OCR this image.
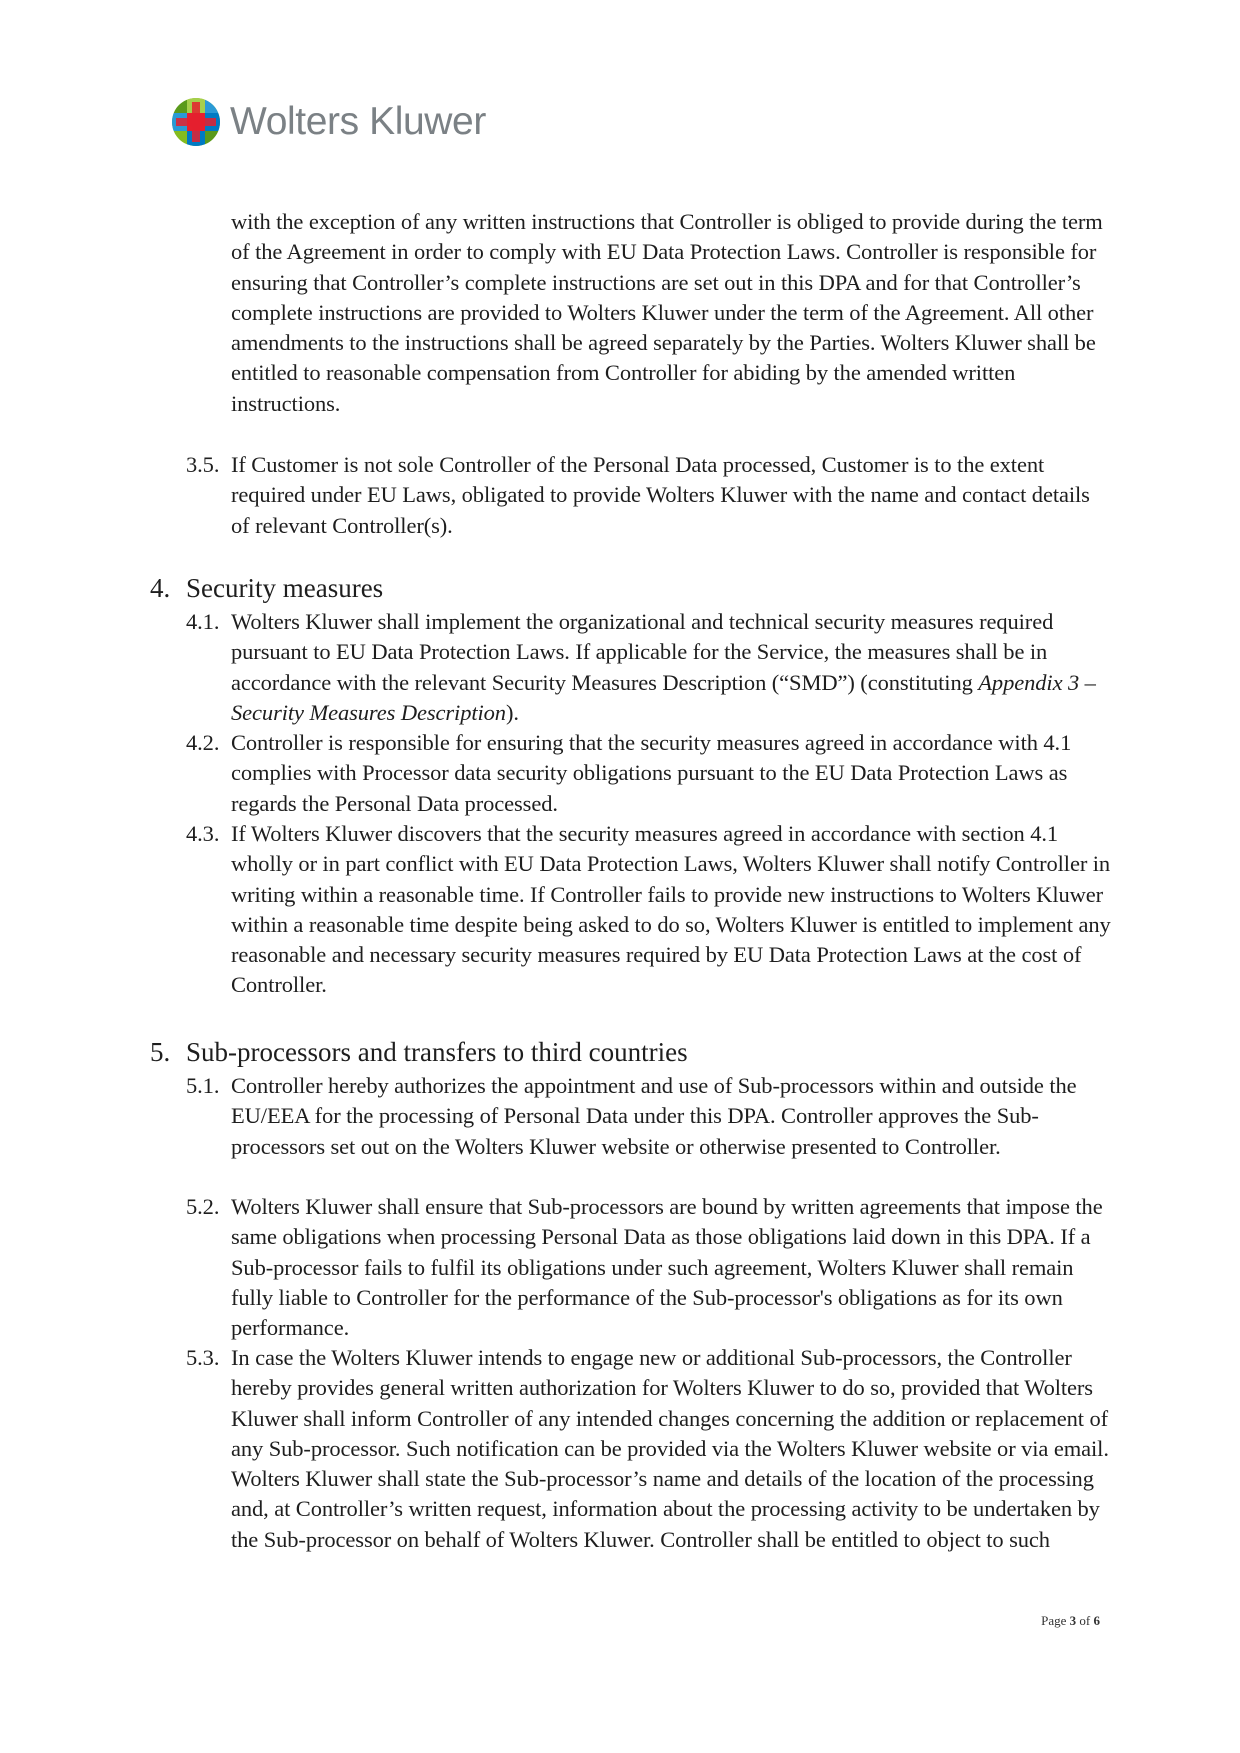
Wolters Kluwer
with the exception of any written instructions that Controller is obliged to provide during the term of the Agreement in order to comply with EU Data Protection Laws. Controller is responsible for ensuring that Controller’s complete instructions are set out in this DPA and for that Controller’s complete instructions are provided to Wolters Kluwer under the term of the Agreement. All other amendments to the instructions shall be agreed separately by the Parties. Wolters Kluwer shall be entitled to reasonable compensation from Controller for abiding by the amended written instructions.
3.5. If Customer is not sole Controller of the Personal Data processed, Customer is to the extent required under EU Laws, obligated to provide Wolters Kluwer with the name and contact details of relevant Controller(s).
4. Security measures
4.1. Wolters Kluwer shall implement the organizational and technical security measures required pursuant to EU Data Protection Laws. If applicable for the Service, the measures shall be in accordance with the relevant Security Measures Description (“SMD”) (constituting Appendix 3 – Security Measures Description).
4.2. Controller is responsible for ensuring that the security measures agreed in accordance with 4.1 complies with Processor data security obligations pursuant to the EU Data Protection Laws as regards the Personal Data processed.
4.3. If Wolters Kluwer discovers that the security measures agreed in accordance with section 4.1 wholly or in part conflict with EU Data Protection Laws, Wolters Kluwer shall notify Controller in writing within a reasonable time. If Controller fails to provide new instructions to Wolters Kluwer within a reasonable time despite being asked to do so, Wolters Kluwer is entitled to implement any reasonable and necessary security measures required by EU Data Protection Laws at the cost of Controller.
5. Sub-processors and transfers to third countries
5.1. Controller hereby authorizes the appointment and use of Sub-processors within and outside the EU/EEA for the processing of Personal Data under this DPA. Controller approves the Sub-processors set out on the Wolters Kluwer website or otherwise presented to Controller.
5.2. Wolters Kluwer shall ensure that Sub-processors are bound by written agreements that impose the same obligations when processing Personal Data as those obligations laid down in this DPA. If a Sub-processor fails to fulfil its obligations under such agreement, Wolters Kluwer shall remain fully liable to Controller for the performance of the Sub-processor's obligations as for its own performance.
5.3. In case the Wolters Kluwer intends to engage new or additional Sub-processors, the Controller hereby provides general written authorization for Wolters Kluwer to do so, provided that Wolters Kluwer shall inform Controller of any intended changes concerning the addition or replacement of any Sub-processor. Such notification can be provided via the Wolters Kluwer website or via email. Wolters Kluwer shall state the Sub-processor’s name and details of the location of the processing and, at Controller’s written request, information about the processing activity to be undertaken by the Sub-processor on behalf of Wolters Kluwer. Controller shall be entitled to object to such
Page 3 of 6
